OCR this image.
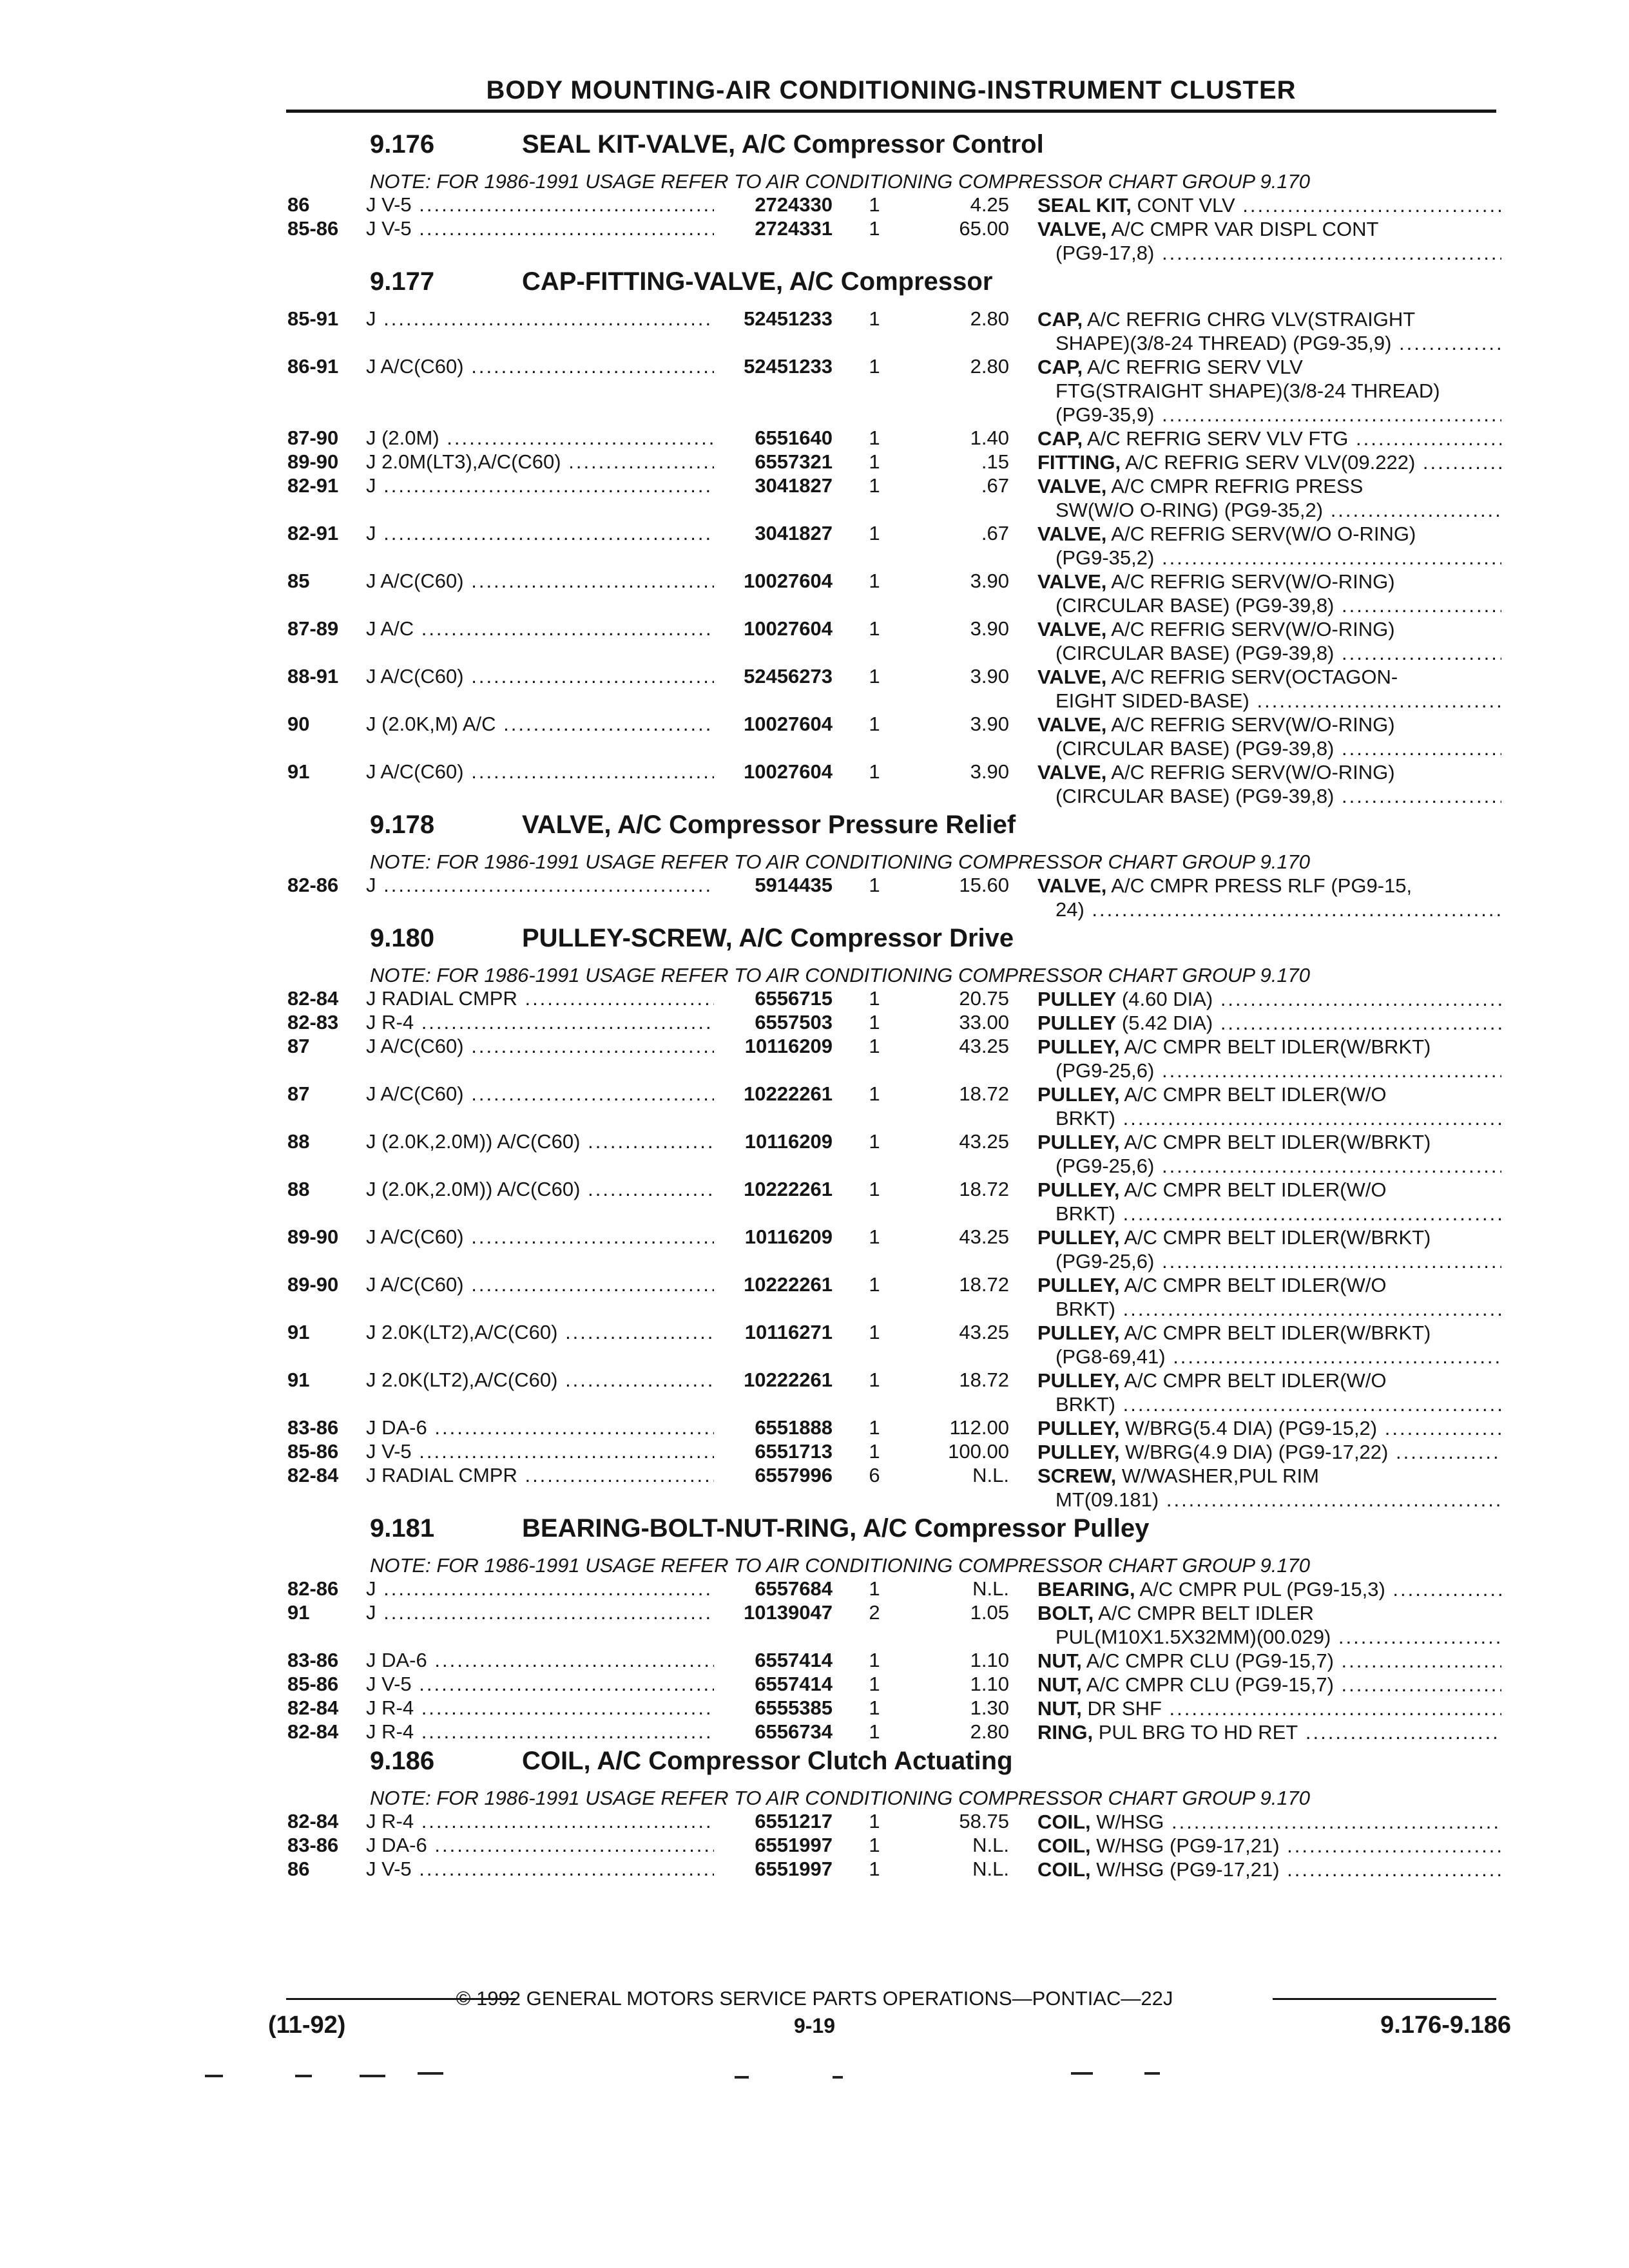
BODY MOUNTING-AIR CONDITIONING-INSTRUMENT CLUSTER
9.176	SEAL KIT-VALVE, A/C Compressor Control
NOTE: FOR 1986-1991 USAGE REFER TO AIR CONDITIONING COMPRESSOR CHART GROUP 9.170
86	J V-5 .....	2724330 1	4.25 SEAL KIT, CONT VLV .....
85-86 J V-5 .....	2724331 1	65.00 VALVE, A/C CMPR VAR DISPL CONT
(PG9-17,8) .....
9.177	CAP-FITTING-VALVE, A/C Compressor
85-91 J .....	52451233 1	2.80 CAP, A/C REFRIG CHRG VLV(STRAIGHT
SHAPE)(3/8-24 THREAD) (PG9-35,9) .....
86-91 J A/C(C60) .....	52451233 1	2.80 CAP, A/C REFRIG SERV VLV
FTG(STRAIGHT SHAPE)(3/8-24 THREAD)
(PG9-35,9) .....
87-90 J (2.0M) .....	6551640 1	1.40 CAP, A/C REFRIG SERV VLV FTG .....
89-90 J 2.0M(LT3),A/C(C60) .....	6557321 1	.15 FITTING, A/C REFRIG SERV VLV(09.222) .....
82-91 J .....	3041827 1	.67 VALVE, A/C CMPR REFRIG PRESS
SW(W/O O-RING) (PG9-35,2) .....
82-91 J .....	3041827 1	.67 VALVE, A/C REFRIG SERV(W/O O-RING)
(PG9-35,2) .....
85	J A/C(C60) .....	10027604 1	3.90 VALVE, A/C REFRIG SERV(W/O-RING)
(CIRCULAR BASE) (PG9-39,8) .....
87-89 J A/C .....	10027604 1	3.90 VALVE, A/C REFRIG SERV(W/O-RING)
(CIRCULAR BASE) (PG9-39,8) .....
88-91 J A/C(C60) .....	52456273 1	3.90 VALVE, A/C REFRIG SERV(OCTAGON-
EIGHT SIDED-BASE) .....
90	J (2.0K,M) A/C .....	10027604 1	3.90 VALVE, A/C REFRIG SERV(W/O-RING)
(CIRCULAR BASE) (PG9-39,8) .....
91	J A/C(C60) .....	10027604 1	3.90 VALVE, A/C REFRIG SERV(W/O-RING)
(CIRCULAR BASE) (PG9-39,8) .....
9.178	VALVE, A/C Compressor Pressure Relief
NOTE: FOR 1986-1991 USAGE REFER TO AIR CONDITIONING COMPRESSOR CHART GROUP 9.170
82-86 J .....	5914435 1	15.60 VALVE, A/C CMPR PRESS RLF (PG9-15,
24) .....
9.180	PULLEY-SCREW, A/C Compressor Drive
NOTE: FOR 1986-1991 USAGE REFER TO AIR CONDITIONING COMPRESSOR CHART GROUP 9.170
82-84 J RADIAL CMPR .....	6556715 1	20.75 PULLEY (4.60 DIA) .....
82-83 J R-4 .....	6557503 1	33.00 PULLEY (5.42 DIA) .....
87	J A/C(C60) .....	10116209 1	43.25 PULLEY, A/C CMPR BELT IDLER(W/BRKT)
(PG9-25,6) .....
87	J A/C(C60) .....	10222261 1	18.72 PULLEY, A/C CMPR BELT IDLER(W/O
BRKT) .....
88	J (2.0K,2.0M)) A/C(C60) .....	10116209 1	43.25 PULLEY, A/C CMPR BELT IDLER(W/BRKT)
(PG9-25,6) .....
88	J (2.0K,2.0M)) A/C(C60) .....	10222261 1	18.72 PULLEY, A/C CMPR BELT IDLER(W/O
BRKT) .....
89-90 J A/C(C60) .....	10116209 1	43.25 PULLEY, A/C CMPR BELT IDLER(W/BRKT)
(PG9-25,6) .....
89-90 J A/C(C60) .....	10222261 1	18.72 PULLEY, A/C CMPR BELT IDLER(W/O
BRKT) .....
91	J 2.0K(LT2),A/C(C60) .....	10116271 1	43.25 PULLEY, A/C CMPR BELT IDLER(W/BRKT)
(PG8-69,41) .....
91	J 2.0K(LT2),A/C(C60) .....	10222261 1	18.72 PULLEY, A/C CMPR BELT IDLER(W/O
BRKT) .....
83-86 J DA-6 .....	6551888 1	112.00 PULLEY, W/BRG(5.4 DIA) (PG9-15,2) .....
85-86 J V-5 .....	6551713 1	100.00 PULLEY, W/BRG(4.9 DIA) (PG9-17,22) .....
82-84 J RADIAL CMPR .....	6557996 6	N.L. SCREW, W/WASHER,PUL RIM
MT(09.181) .....
9.181	BEARING-BOLT-NUT-RING, A/C Compressor Pulley
NOTE: FOR 1986-1991 USAGE REFER TO AIR CONDITIONING COMPRESSOR CHART GROUP 9.170
82-86 J .....	6557684 1	N.L. BEARING, A/C CMPR PUL (PG9-15,3) .....
91	J .....	10139047 2	1.05 BOLT, A/C CMPR BELT IDLER
PUL(M10X1.5X32MM)(00.029) .....
83-86 J DA-6 .....	6557414 1	1.10 NUT, A/C CMPR CLU (PG9-15,7) .....
85-86 J V-5 .....	6557414 1	1.10 NUT, A/C CMPR CLU (PG9-15,7) .....
82-84 J R-4 .....	6555385 1	1.30 NUT, DR SHF .....
82-84 J R-4 .....	6556734 1	2.80 RING, PUL BRG TO HD RET .....
9.186	COIL, A/C Compressor Clutch Actuating
NOTE: FOR 1986-1991 USAGE REFER TO AIR CONDITIONING COMPRESSOR CHART GROUP 9.170
82-84 J R-4 .....	6551217 1	58.75 COIL, W/HSG .....
83-86 J DA-6 .....	6551997 1	N.L. COIL, W/HSG (PG9-17,21) .....
86	J V-5 .....	6551997 1	N.L. COIL, W/HSG (PG9-17,21) .....
© 1992 GENERAL MOTORS SERVICE PARTS OPERATIONS—PONTIAC—22J
(11-92)	9-19	9.176-9.186
